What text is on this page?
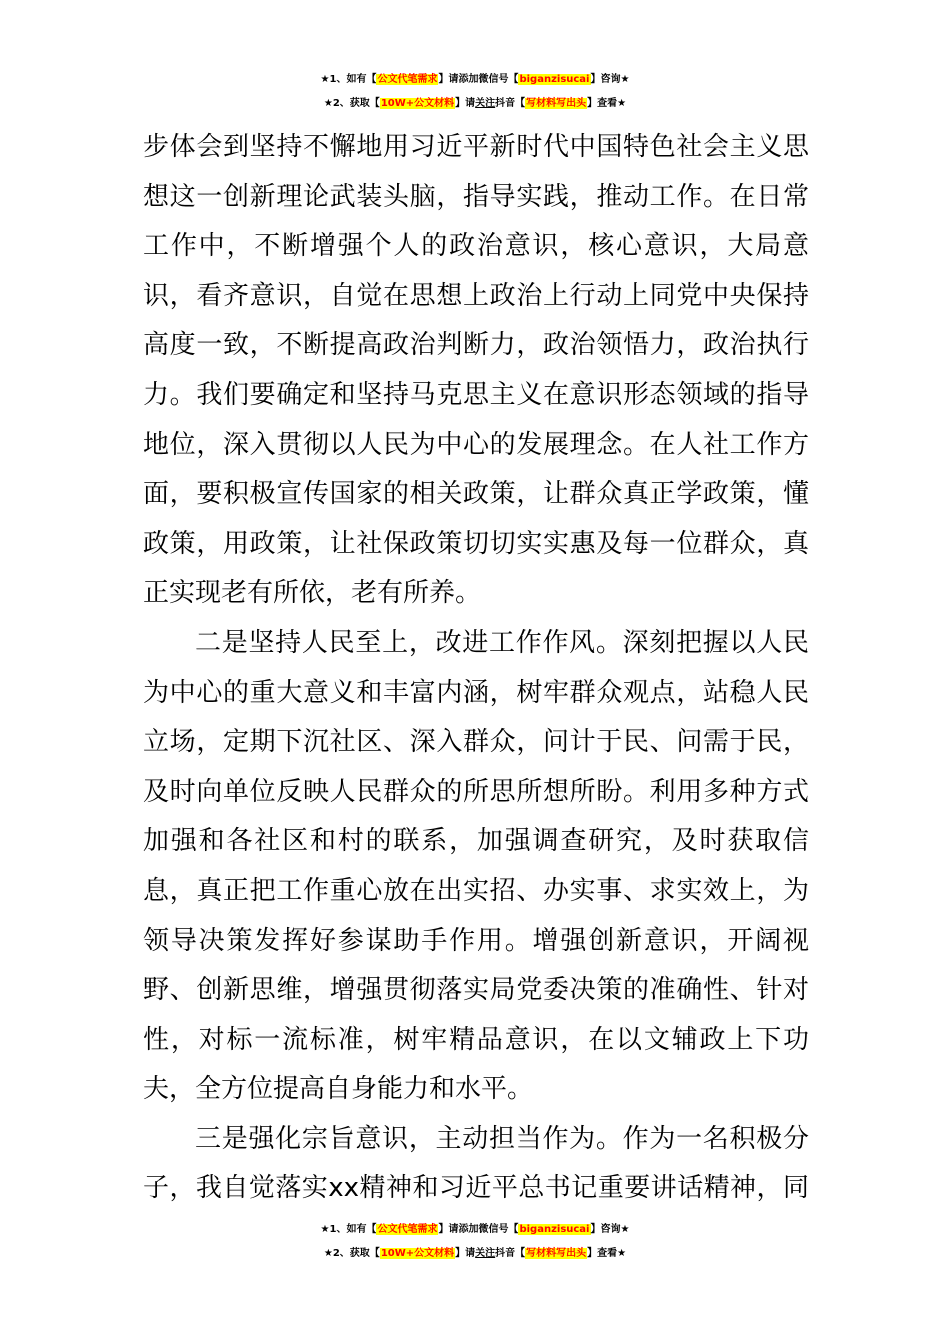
★1、如有【公文代笔需求】请添加微信号【biganzisucai】咨询★
★2、获取【10W+公文材料】请关注抖音【写材料写出头】查看★

步体会到坚持不懈地用习近平新时代中国特色社会主义思
想这一创新理论武装头脑，指导实践，推动工作。在日常
工作中，不断增强个人的政治意识，核心意识，大局意
识，看齐意识，自觉在思想上政治上行动上同党中央保持
高度一致，不断提高政治判断力，政治领悟力，政治执行
力。我们要确定和坚持马克思主义在意识形态领域的指导
地位，深入贯彻以人民为中心的发展理念。在人社工作方
面，要积极宣传国家的相关政策，让群众真正学政策，懂
政策，用政策，让社保政策切切实实惠及每一位群众，真
正实现老有所依，老有所养。

二是坚持人民至上，改进工作作风。深刻把握以人民
为中心的重大意义和丰富内涵，树牢群众观点，站稳人民
立场，定期下沉社区、深入群众，问计于民、问需于民，
及时向单位反映人民群众的所思所想所盼。利用多种方式
加强和各社区和村的联系，加强调查研究，及时获取信
息，真正把工作重心放在出实招、办实事、求实效上，为
领导决策发挥好参谋助手作用。增强创新意识，开阔视
野、创新思维，增强贯彻落实局党委决策的准确性、针对
性，对标一流标准，树牢精品意识，在以文辅政上下功
夫，全方位提高自身能力和水平。

三是强化宗旨意识，主动担当作为。作为一名积极分
子，我自觉落实xx精神和习近平总书记重要讲话精神，同

★1、如有【公文代笔需求】请添加微信号【biganzisucai】咨询★
★2、获取【10W+公文材料】请关注抖音【写材料写出头】查看★
